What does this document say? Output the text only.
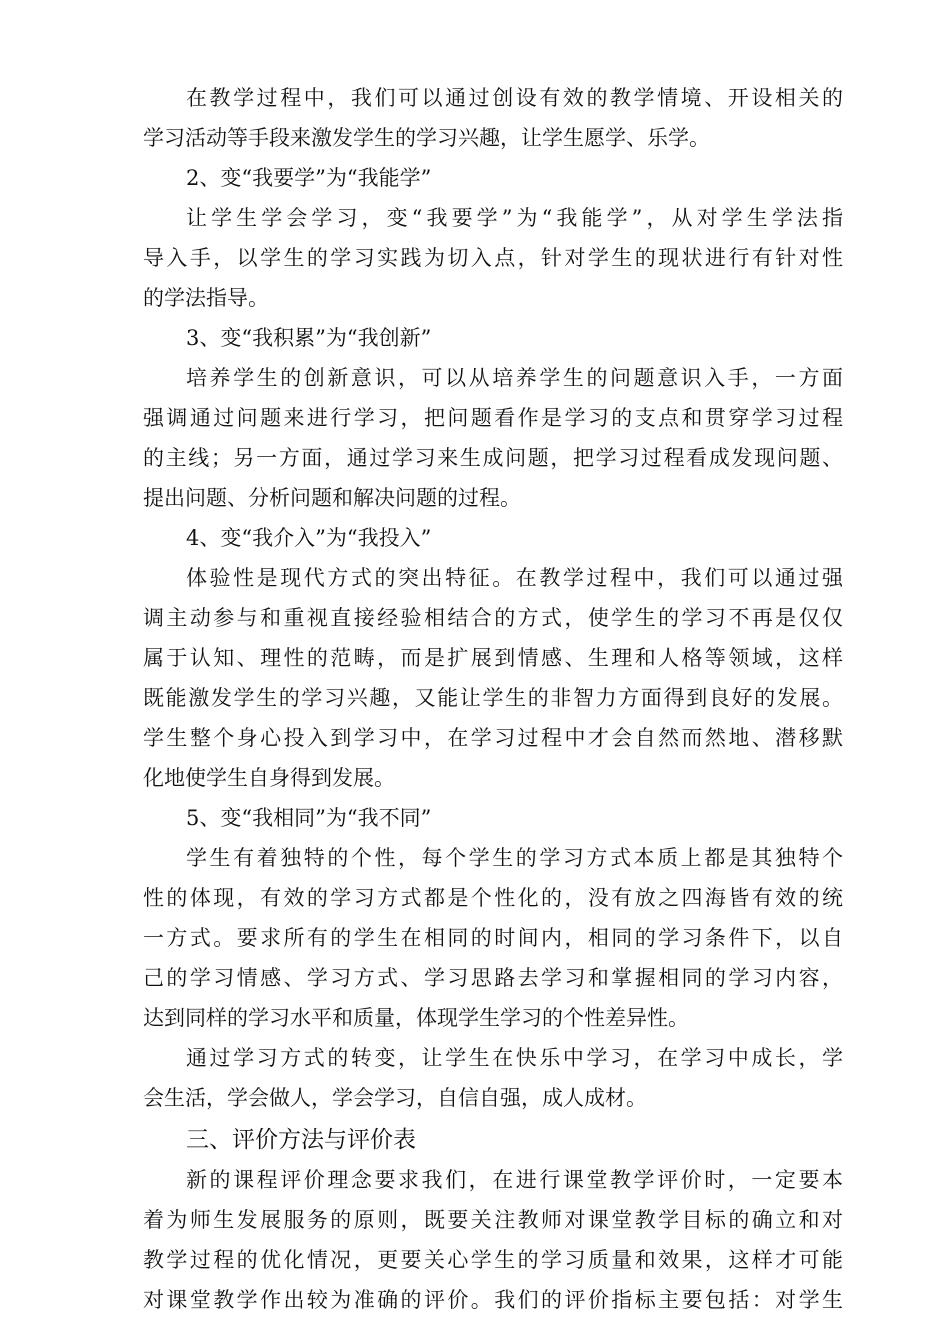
在教学过程中，我们可以通过创设有效的教学情境、开设相关的
学习活动等手段来激发学生的学习兴趣，让学生愿学、乐学。
2、变“我要学”为“我能学”
让学生学会学习，变“我要学”为“我能学”，从对学生学法指
导入手，以学生的学习实践为切入点，针对学生的现状进行有针对性
的学法指导。
3、变“我积累”为“我创新”
培养学生的创新意识，可以从培养学生的问题意识入手，一方面
强调通过问题来进行学习，把问题看作是学习的支点和贯穿学习过程
的主线；另一方面，通过学习来生成问题，把学习过程看成发现问题、
提出问题、分析问题和解决问题的过程。
4、变“我介入”为“我投入”
体验性是现代方式的突出特征。在教学过程中，我们可以通过强
调主动参与和重视直接经验相结合的方式，使学生的学习不再是仅仅
属于认知、理性的范畴，而是扩展到情感、生理和人格等领域，这样
既能激发学生的学习兴趣，又能让学生的非智力方面得到良好的发展。
学生整个身心投入到学习中，在学习过程中才会自然而然地、潜移默
化地使学生自身得到发展。
5、变“我相同”为“我不同”
学生有着独特的个性，每个学生的学习方式本质上都是其独特个
性的体现，有效的学习方式都是个性化的，没有放之四海皆有效的统
一方式。要求所有的学生在相同的时间内，相同的学习条件下，以自
己的学习情感、学习方式、学习思路去学习和掌握相同的学习内容，
达到同样的学习水平和质量，体现学生学习的个性差异性。
通过学习方式的转变，让学生在快乐中学习，在学习中成长，学
会生活，学会做人，学会学习，自信自强，成人成材。
三、评价方法与评价表
新的课程评价理念要求我们，在进行课堂教学评价时，一定要本
着为师生发展服务的原则，既要关注教师对课堂教学目标的确立和对
教学过程的优化情况，更要关心学生的学习质量和效果，这样才可能
对课堂教学作出较为准确的评价。我们的评价指标主要包括：对学生
